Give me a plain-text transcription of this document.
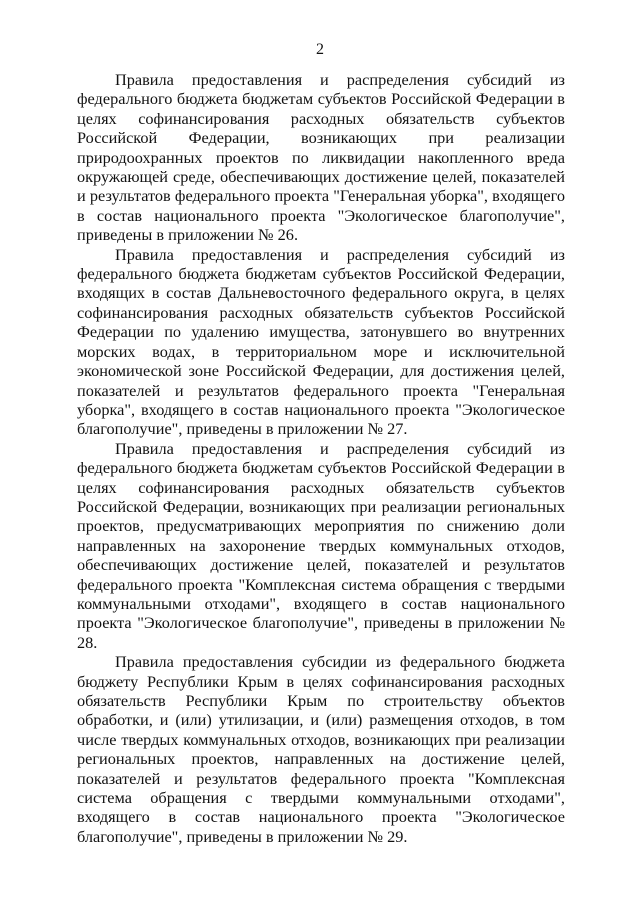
2

Правила предоставления и распределения субсидий из федерального бюджета бюджетам субъектов Российской Федерации в целях софинансирования расходных обязательств субъектов Российской Федерации, возникающих при реализации природоохранных проектов по ликвидации накопленного вреда окружающей среде, обеспечивающих достижение целей, показателей и результатов федерального проекта "Генеральная уборка", входящего в состав национального проекта "Экологическое благополучие", приведены в приложении № 26.

Правила предоставления и распределения субсидий из федерального бюджета бюджетам субъектов Российской Федерации, входящих в состав Дальневосточного федерального округа, в целях софинансирования расходных обязательств субъектов Российской Федерации по удалению имущества, затонувшего во внутренних морских водах, в территориальном море и исключительной экономической зоне Российской Федерации, для достижения целей, показателей и результатов федерального проекта "Генеральная уборка", входящего в состав национального проекта "Экологическое благополучие", приведены в приложении № 27.

Правила предоставления и распределения субсидий из федерального бюджета бюджетам субъектов Российской Федерации в целях софинансирования расходных обязательств субъектов Российской Федерации, возникающих при реализации региональных проектов, предусматривающих мероприятия по снижению доли направленных на захоронение твердых коммунальных отходов, обеспечивающих достижение целей, показателей и результатов федерального проекта "Комплексная система обращения с твердыми коммунальными отходами", входящего в состав национального проекта "Экологическое благополучие", приведены в приложении № 28.

Правила предоставления субсидии из федерального бюджета бюджету Республики Крым в целях софинансирования расходных обязательств Республики Крым по строительству объектов обработки, и (или) утилизации, и (или) размещения отходов, в том числе твердых коммунальных отходов, возникающих при реализации региональных проектов, направленных на достижение целей, показателей и результатов федерального проекта "Комплексная система обращения с твердыми коммунальными отходами", входящего в состав национального проекта "Экологическое благополучие", приведены в приложении № 29.
